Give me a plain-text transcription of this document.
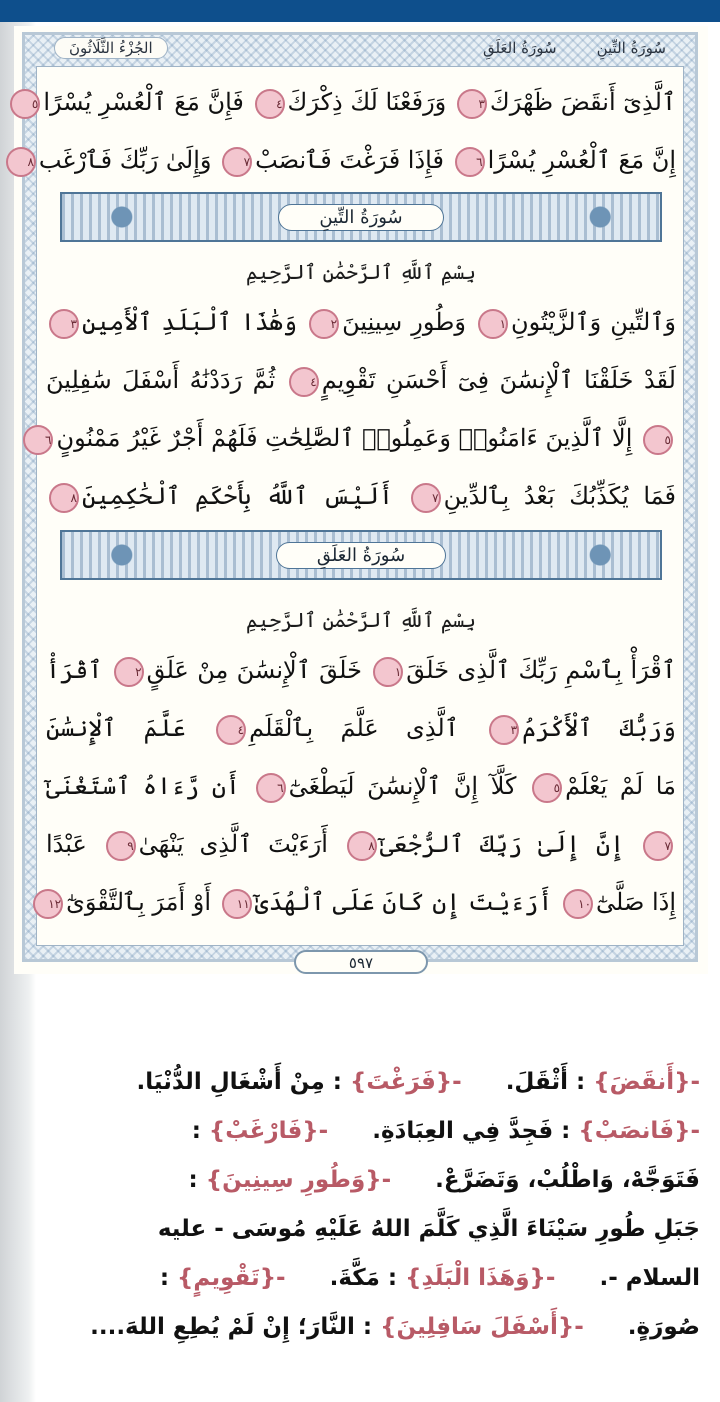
سُورَةُ التِّينِ
سُورَةُ العَلَقِ
الجُزْءُ الثَّلَاثُونَ
ٱلَّذِىٓ أَنقَضَ ظَهْرَكَ٣ وَرَفَعْنَا لَكَ ذِكْرَكَ٤ فَإِنَّ مَعَ ٱلْعُسْرِ يُسْرًا٥
إِنَّ مَعَ ٱلْعُسْرِ يُسْرًا٦ فَإِذَا فَرَغْتَ فَٱنصَبْ٧ وَإِلَىٰ رَبِّكَ فَٱرْغَب٨
سُورَةُ التِّينِ
بِسْمِ ٱللَّهِ ٱلرَّحْمَٰنِ ٱلرَّحِيمِ
وَٱلتِّينِ وَٱلزَّيْتُونِ١ وَطُورِ سِينِينَ٢ وَهَٰذَا ٱلْبَلَدِ ٱلْأَمِينِ٣
لَقَدْ خَلَقْنَا ٱلْإِنسَٰنَ فِىٓ أَحْسَنِ تَقْوِيمٍ٤ ثُمَّ رَدَدْنَٰهُ أَسْفَلَ سَٰفِلِينَ
٥ إِلَّا ٱلَّذِينَ ءَامَنُوا۟ وَعَمِلُوا۟ ٱلصَّٰلِحَٰتِ فَلَهُمْ أَجْرٌ غَيْرُ مَمْنُونٍ٦
فَمَا يُكَذِّبُكَ بَعْدُ بِٱلدِّينِ٧ أَلَيْسَ ٱللَّهُ بِأَحْكَمِ ٱلْحَٰكِمِينَ٨
سُورَةُ العَلَقِ
بِسْمِ ٱللَّهِ ٱلرَّحْمَٰنِ ٱلرَّحِيمِ
ٱقْرَأْ بِٱسْمِ رَبِّكَ ٱلَّذِى خَلَقَ١ خَلَقَ ٱلْإِنسَٰنَ مِنْ عَلَقٍ٢ ٱقْرَأْ
وَرَبُّكَ ٱلْأَكْرَمُ٣ ٱلَّذِى عَلَّمَ بِٱلْقَلَمِ٤ عَلَّمَ ٱلْإِنسَٰنَ
مَا لَمْ يَعْلَمْ٥ كَلَّآ إِنَّ ٱلْإِنسَٰنَ لَيَطْغَىٰٓ٦ أَن رَّءَاهُ ٱسْتَغْنَىٰٓ
٧ إِنَّ إِلَىٰ رَبِّكَ ٱلرُّجْعَىٰٓ٨ أَرَءَيْتَ ٱلَّذِى يَنْهَىٰ٩ عَبْدًا
إِذَا صَلَّىٰٓ١٠ أَرَءَيْتَ إِن كَانَ عَلَى ٱلْهُدَىٰٓ١١ أَوْ أَمَرَ بِٱلتَّقْوَىٰٓ١٢
٥٩٧

-{أَنقَضَ} : أَثْقَلَ. -{فَرَغْتَ} : مِنْ أَشْغَالِ الدُّنْيَا.

-{فَانصَبْ} : فَجِدَّ فِي العِبَادَةِ. -{فَارْغَبْ} :

فَتَوَجَّهْ، وَاطْلُبْ، وَتَضَرَّعْ. -{وَطُورِ سِينِينَ} :

جَبَلِ طُورِ سَيْنَاءَ الَّذِي كَلَّمَ اللهُ عَلَيْهِ مُوسَى - عليه

السلام -. -{وَهَذَا الْبَلَدِ} : مَكَّةَ. -{تَقْوِيمٍ} :

صُورَةٍ. -{أَسْفَلَ سَافِلِينَ} : النَّارَ؛ إِنْ لَمْ يُطِعِ اللهَ....
